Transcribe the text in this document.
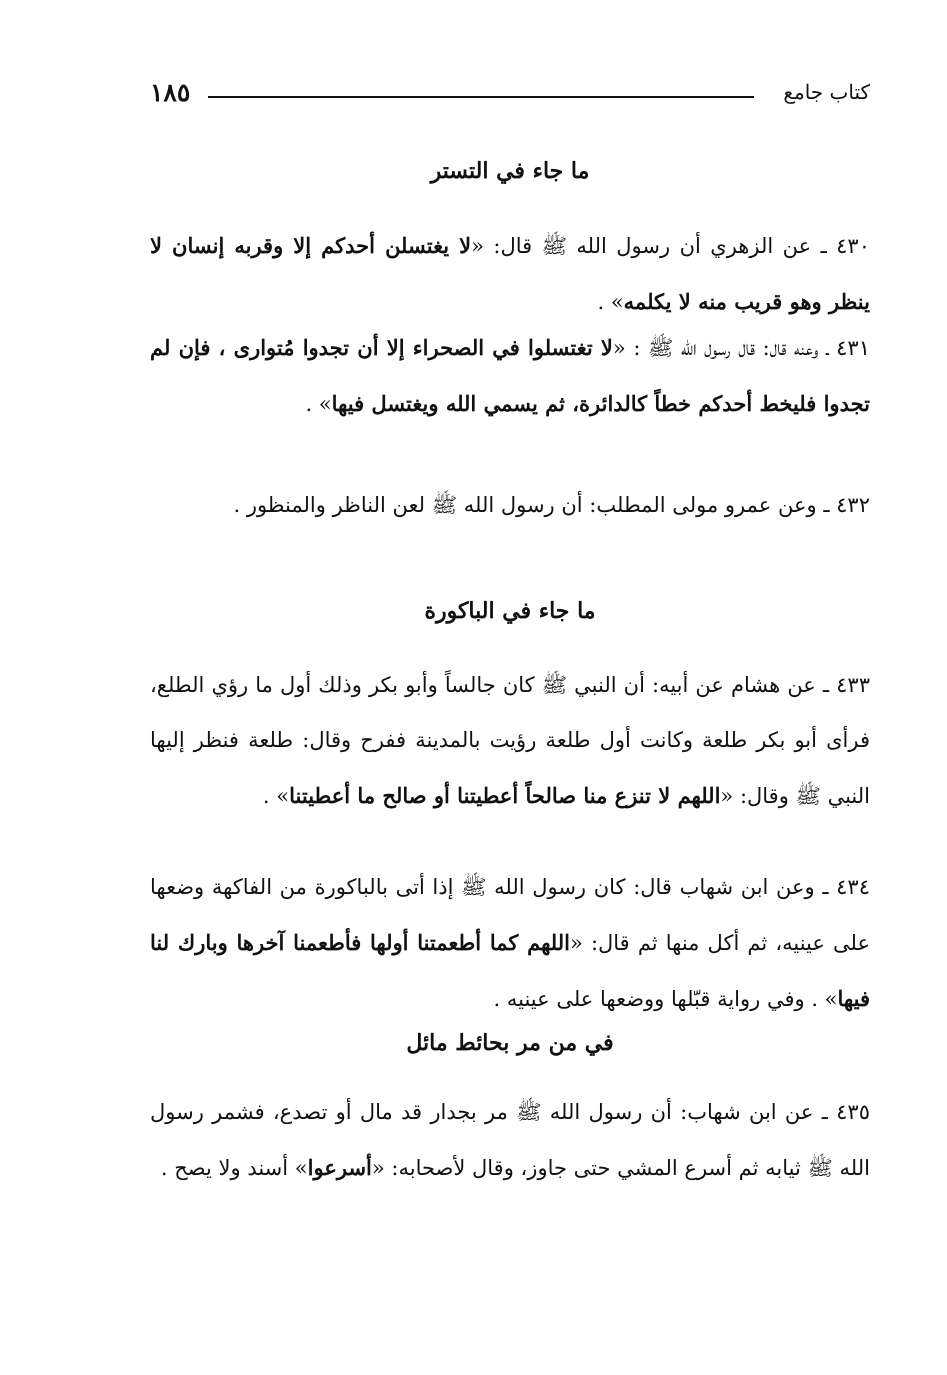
١٨٥	كتاب جامع
ما جاء في التستر
٤٣٠ ـ عن الزهري أن رسول الله ﷺ قال: «لا يغتسلن أحدكم إلا وقربه إنسان لا ينظر وهو قريب منه لا يكلمه» .
٤٣١ ـ وعنه قال: قال رسول الله ﷺ : «لا تغتسلوا في الصحراء إلا أن تجدوا مُتوارى ، فإن لم تجدوا فليخط أحدكم خطاً كالدائرة، ثم يسمي الله ويغتسل فيها» .
٤٣٢ ـ وعن عمرو مولى المطلب: أن رسول الله ﷺ لعن الناظر والمنظور .
ما جاء في الباكورة
٤٣٣ ـ عن هشام عن أبيه: أن النبي ﷺ كان جالساً وأبو بكر وذلك أول ما رؤي الطلع، فرأى أبو بكر طلعة وكانت أول طلعة رؤيت بالمدينة ففرح وقال: طلعة فنظر إليها النبي ﷺ وقال: «اللهم لا تنزع منا صالحاً أعطيتنا أو صالح ما أعطيتنا» .
٤٣٤ ـ وعن ابن شهاب قال: كان رسول الله ﷺ إذا أتى بالباكورة من الفاكهة وضعها على عينيه، ثم أكل منها ثم قال: «اللهم كما أطعمتنا أولها فأطعمنا آخرها وبارك لنا فيها» . وفي رواية قبّلها ووضعها على عينيه .
في من مر بحائط مائل
٤٣٥ ـ عن ابن شهاب: أن رسول الله ﷺ مر بجدار قد مال أو تصدع، فشمر رسول الله ﷺ ثيابه ثم أسرع المشي حتى جاوز، وقال لأصحابه: «أسرعوا» أسند ولا يصح .
